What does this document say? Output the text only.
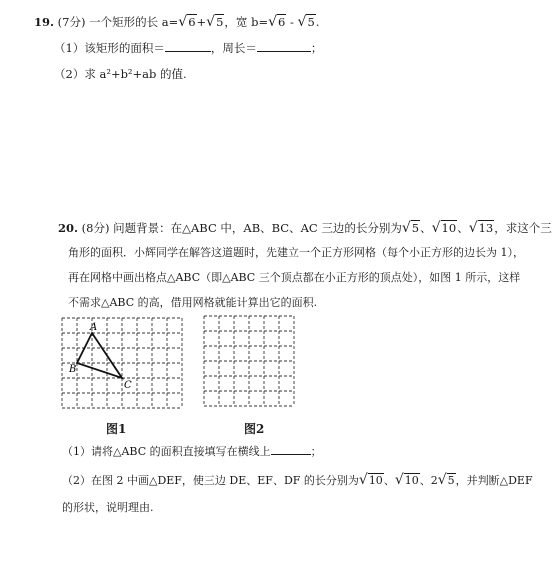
19. (7分) 一个矩形的长 a=√6+√5，宽 b=√6 - √5.
（1）该矩形的面积＝	，周长＝	；
（2）求 a²+b²+ab 的值.
20. (8分) 问题背景：在△ABC 中，AB、BC、AC 三边的长分别为√5、√10、√13，求这个三
角形的面积．小辉同学在解答这道题时，先建立一个正方形网格（每个小正方形的边长为 1），
再在网格中画出格点△ABC（即△ABC 三个顶点都在小正方形的顶点处），如图 1 所示，这样
不需求△ABC 的高，借用网格就能计算出它的面积.
A
B
C
图1	图2
（1）请将△ABC 的面积直接填写在横线上	；
（2）在图 2 中画△DEF，使三边 DE、EF、DF 的长分别为√10、√10、2√5，并判断△DEF
的形状，说明理由.
